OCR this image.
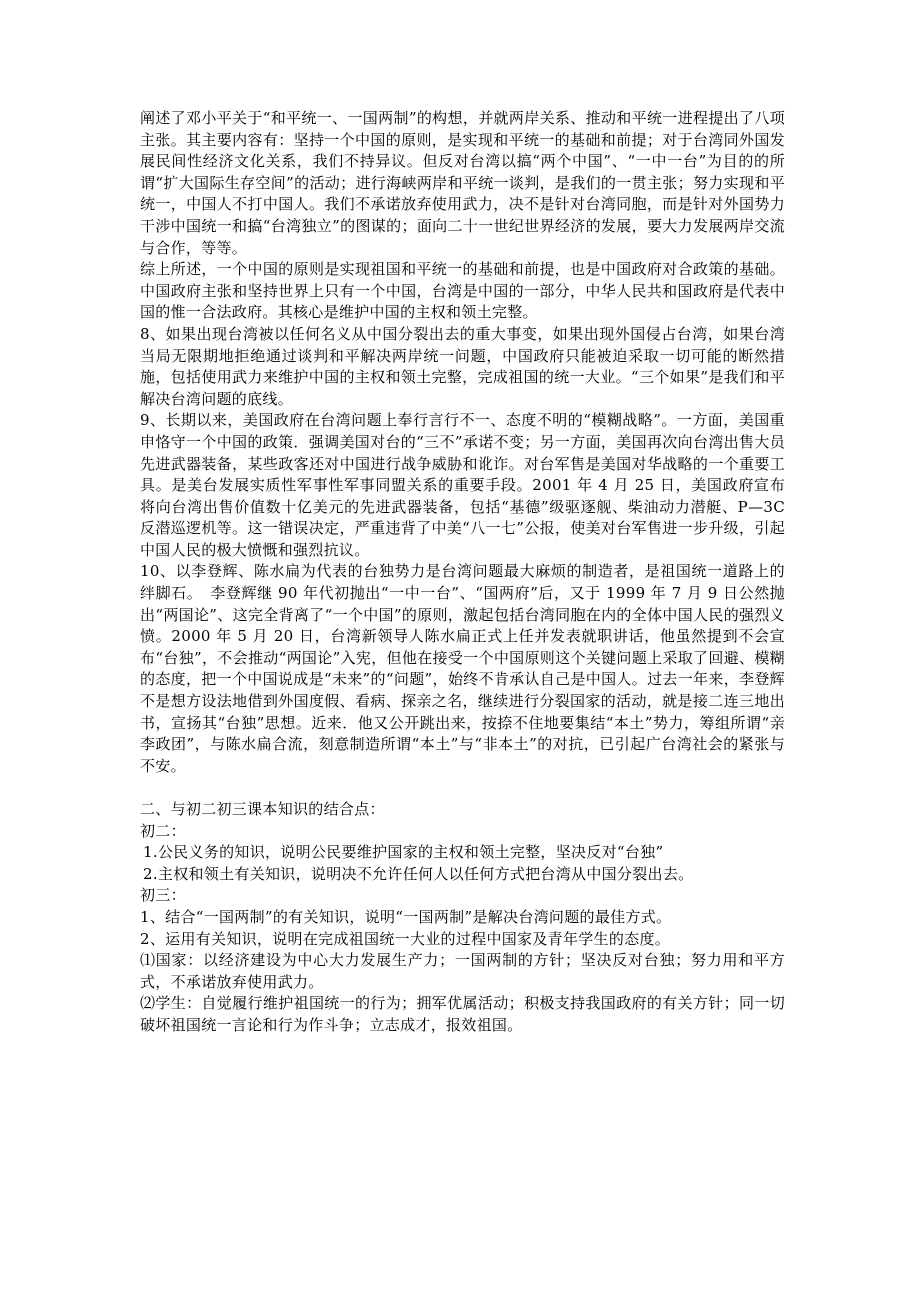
阐述了邓小平关于“和平统一、一国两制”的构想，并就两岸关系、推动和平统一进程提出了八项主张。其主要内容有：坚持一个中国的原则，是实现和平统一的基础和前提；对于台湾同外国发展民间性经济文化关系，我们不持异议。但反对台湾以搞“两个中国”、“一中一台”为目的的所谓“扩大国际生存空间”的活动；进行海峡两岸和平统一谈判，是我们的一贯主张；努力实现和平统一，中国人不打中国人。我们不承诺放弃使用武力，决不是针对台湾同胞，而是针对外国势力干涉中国统一和搞“台湾独立”的图谋的；面向二十一世纪世界经济的发展，要大力发展两岸交流与合作，等等。

综上所述，一个中国的原则是实现祖国和平统一的基础和前提，也是中国政府对合政策的基础。中国政府主张和坚持世界上只有一个中国，台湾是中国的一部分，中华人民共和国政府是代表中国的惟一合法政府。其核心是维护中国的主权和领土完整。

8、如果出现台湾被以任何名义从中国分裂出去的重大事变，如果出现外国侵占台湾，如果台湾当局无限期地拒绝通过谈判和平解决两岸统一问题，中国政府只能被迫采取一切可能的断然措施，包括使用武力来维护中国的主权和领土完整，完成祖国的统一大业。“三个如果”是我们和平解决台湾问题的底线。

9、长期以来，美国政府在台湾问题上奉行言行不一、态度不明的“模糊战略”。一方面，美国重申恪守一个中国的政策．强调美国对台的“三不”承诺不变；另一方面，美国再次向台湾出售大员先进武器装备，某些政客还对中国进行战争威胁和讹诈。对台军售是美国对华战略的一个重要工具。是美台发展实质性军事性军事同盟关系的重要手段。2001 年 4 月 25 日，美国政府宣布将向台湾出售价值数十亿美元的先进武器装备，包括“基德”级驱逐舰、柴油动力潜艇、P—3C 反潜巡逻机等。这一错误决定，严重违背了中美“八一七”公报，使美对台军售进一步升级，引起中国人民的极大愤慨和强烈抗议。

10、以李登辉、陈水扁为代表的台独势力是台湾问题最大麻烦的制造者，是祖国统一道路上的绊脚石。　李登辉继 90 年代初抛出“一中一台”、“国两府”后，又于 1999 年 7 月 9 日公然抛出“两国论”、这完全背离了“一个中国”的原则，激起包括台湾同胞在内的全体中国人民的强烈义愤。2000 年 5 月 20 日，台湾新领导人陈水扁正式上任并发表就职讲话，他虽然提到不会宣布“台独”，不会推动“两国论”入宪，但他在接受一个中国原则这个关键问题上采取了回避、模糊的态度，把一个中国说成是“未来”的“问题”，始终不肯承认自己是中国人。过去一年来，李登辉不是想方设法地借到外国度假、看病、探亲之名，继续进行分裂国家的活动，就是接二连三地出书，宣扬其“台独”思想。近来．他又公开跳出来，按捺不住地要集结“本土”势力，筹组所谓“亲李政团”，与陈水扁合流，刻意制造所谓“本土”与“非本土”的对抗，已引起广台湾社会的紧张与不安。

二、与初二初三课本知识的结合点：

初二：

1.公民义务的知识，说明公民要维护国家的主权和领土完整，坚决反对“台独”

2.主权和领土有关知识，说明决不允许任何人以任何方式把台湾从中国分裂出去。

初三：

1、结合“一国两制”的有关知识，说明“一国两制”是解决台湾问题的最佳方式。

2、运用有关知识，说明在完成祖国统一大业的过程中国家及青年学生的态度。

⑴国家：以经济建设为中心大力发展生产力；一国两制的方针；坚决反对台独；努力用和平方式，不承诺放弃使用武力。

⑵学生：自觉履行维护祖国统一的行为；拥军优属活动；积极支持我国政府的有关方针；同一切破坏祖国统一言论和行为作斗争；立志成才，报效祖国。
